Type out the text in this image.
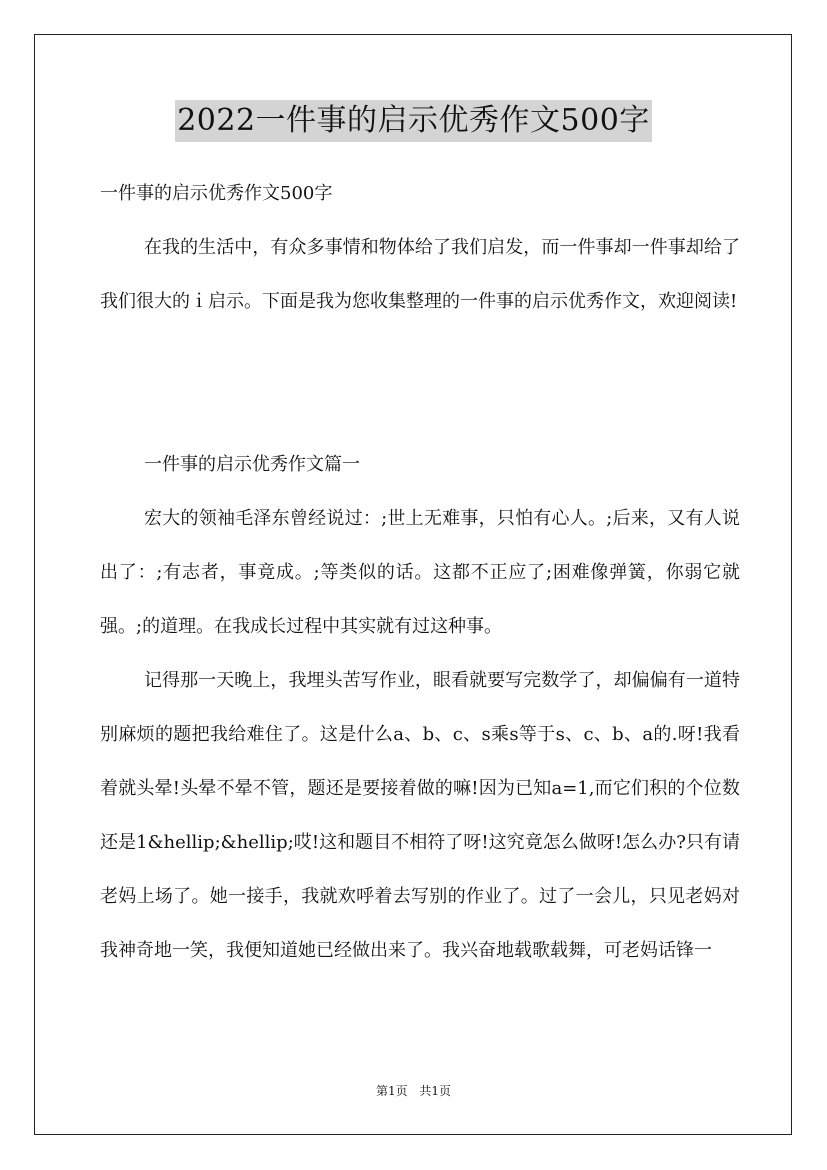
2022一件事的启示优秀作文500字
一件事的启示优秀作文500字
在我的生活中，有众多事情和物体给了我们启发，而一件事却一件事却给了我们很大的ｉ启示。下面是我为您收集整理的一件事的启示优秀作文，欢迎阅读!
一件事的启示优秀作文篇一
宏大的领袖毛泽东曾经说过：;世上无难事，只怕有心人。;后来，又有人说出了：;有志者，事竟成。;等类似的话。这都不正应了;困难像弹簧，你弱它就强。;的道理。在我成长过程中其实就有过这种事。
记得那一天晚上，我埋头苦写作业，眼看就要写完数学了，却偏偏有一道特别麻烦的题把我给难住了。这是什么a、b、c、s乘s等于s、c、b、a的.呀!我看着就头晕!头晕不晕不管，题还是要接着做的嘛!因为已知a=1,而它们积的个位数还是1&hellip;&hellip;哎!这和题目不相符了呀!这究竟怎么做呀!怎么办?只有请老妈上场了。她一接手，我就欢呼着去写别的作业了。过了一会儿，只见老妈对我神奇地一笑，我便知道她已经做出来了。我兴奋地载歌载舞，可老妈话锋一
第1页 共1页
